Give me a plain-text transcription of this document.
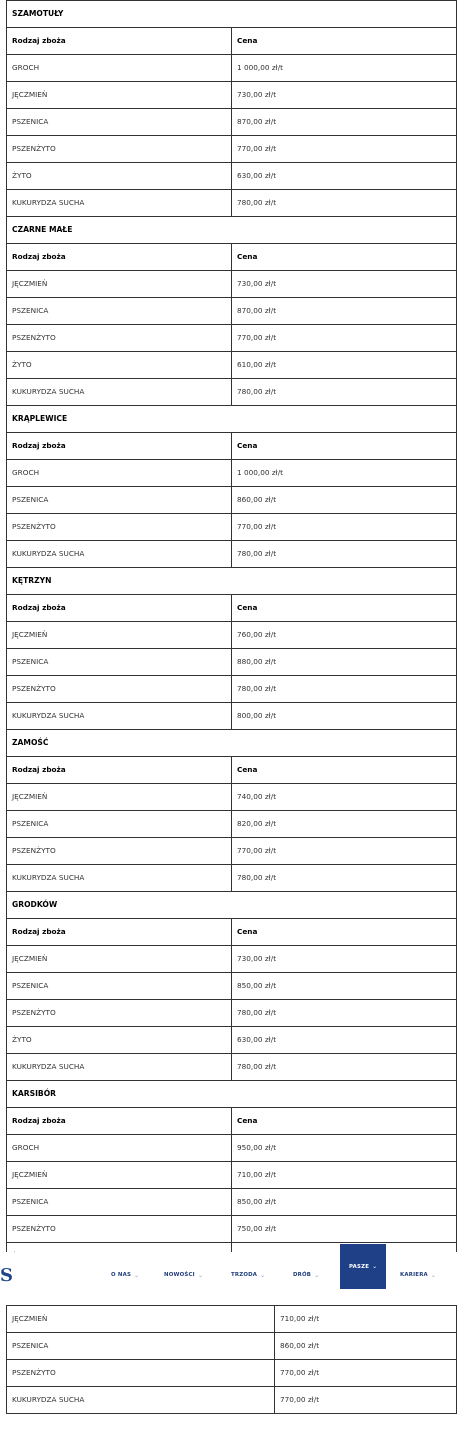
SZAMOTUŁY	
Rodzaj zboża	Cena
GROCH	1 000,00 zł/t
JĘCZMIEŃ	730,00 zł/t
PSZENICA	870,00 zł/t
PSZENŻYTO	770,00 zł/t
ŻYTO	630,00 zł/t
KUKURYDZA SUCHA	780,00 zł/t
CZARNE MAŁE	
Rodzaj zboża	Cena
JĘCZMIEŃ	730,00 zł/t
PSZENICA	870,00 zł/t
PSZENŻYTO	770,00 zł/t
ŻYTO	610,00 zł/t
KUKURYDZA SUCHA	780,00 zł/t
KRĄPLEWICE	
Rodzaj zboża	Cena
GROCH	1 000,00 zł/t
PSZENICA	860,00 zł/t
PSZENŻYTO	770,00 zł/t
KUKURYDZA SUCHA	780,00 zł/t
KĘTRZYN	
Rodzaj zboża	Cena
JĘCZMIEŃ	760,00 zł/t
PSZENICA	880,00 zł/t
PSZENŻYTO	780,00 zł/t
KUKURYDZA SUCHA	800,00 zł/t
ZAMOŚĆ	
Rodzaj zboża	Cena
JĘCZMIEŃ	740,00 zł/t
PSZENICA	820,00 zł/t
PSZENŻYTO	770,00 zł/t
KUKURYDZA SUCHA	780,00 zł/t
GRODKÓW	
Rodzaj zboża	Cena
JĘCZMIEŃ	730,00 zł/t
PSZENICA	850,00 zł/t
PSZENŻYTO	780,00 zł/t
ŻYTO	630,00 zł/t
KUKURYDZA SUCHA	780,00 zł/t
KARSIBÓR	
Rodzaj zboża	Cena
GROCH	950,00 zł/t
JĘCZMIEŃ	710,00 zł/t
PSZENICA	850,00 zł/t
PSZENŻYTO	750,00 zł/t

S	O NAS ⌄	NOWOŚCI ⌄	TRZODA ⌄	DRÓB ⌄
PASZE ⌄
KARIERA ⌄
JĘCZMIEŃ	710,00 zł/t
PSZENICA	860,00 zł/t
PSZENŻYTO	770,00 zł/t
KUKURYDZA SUCHA	770,00 zł/t
